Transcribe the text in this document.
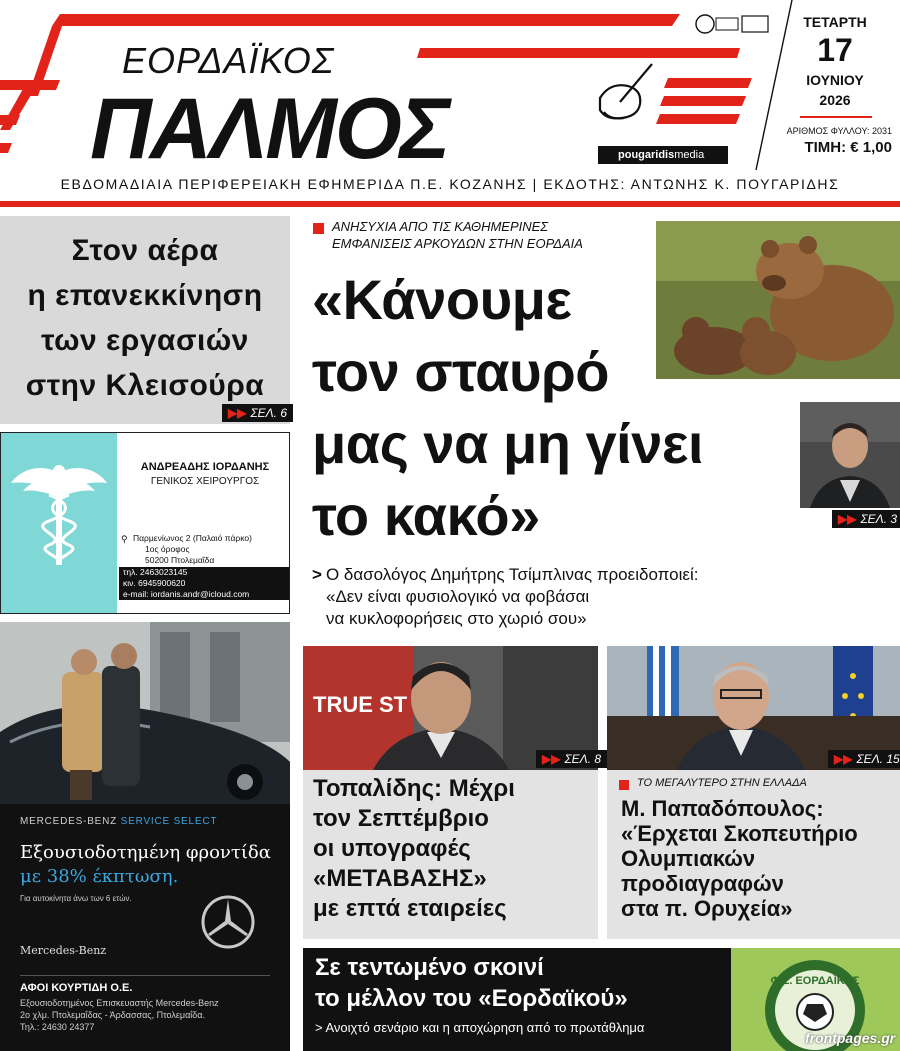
ΕΟΡΔΑΪΚΟΣ
ΠΑΛΜΟΣ	pougaridismedia
ΤΕΤΑΡΤΗ
17
ΙΟΥΝΙΟΥ
2026
ΑΡΙΘΜΟΣ ΦΥΛΛΟΥ: 2031
ΤΙΜΗ: € 1,00
ΕΒΔΟΜΑΔΙΑΙΑ ΠΕΡΙΦΕΡΕΙΑΚΗ ΕΦΗΜΕΡΙΔΑ Π.Ε. ΚΟΖΑΝΗΣ | ΕΚΔΟΤΗΣ: ΑΝΤΩΝΗΣ Κ. ΠΟΥΓΑΡΙΔΗΣ
Στον αέρα
η επανεκκίνηση
των εργασιών
στην Κλεισούρα
▶▶ ΣΕΛ. 6
ΑΝΔΡΕΑΔΗΣ ΙΟΡΔΑΝΗΣ
ΓΕΝΙΚΟΣ ΧΕΙΡΟΥΡΓΟΣ
⚲ Παρμενίωνος 2 (Παλαιό πάρκο)
1ος όροφος
50200 Πτολεμαΐδα
τηλ. 2463023145
κιν. 6945900620
e-mail: iordanis.andr@icloud.com
MERCEDES-BENZ SERVICE SELECT
Εξουσιοδοτημένη φροντίδα
με 38% έκπτωση.
Για αυτοκίνητα άνω των 6 ετών.
Mercedes-Benz
ΑΦΟΙ ΚΟΥΡΤΙΔΗ Ο.Ε.
Εξουσιοδοτημένος Επισκευαστής Mercedes-Benz
2ο χλμ. Πτολεμαΐδας - Άρδασσας, Πτολεμαΐδα.
Τηλ.: 24630 24377
ΑΝΗΣΥΧΙΑ ΑΠΟ ΤΙΣ ΚΑΘΗΜΕΡΙΝΕΣ
ΕΜΦΑΝΙΣΕΙΣ ΑΡΚΟΥΔΩΝ ΣΤΗΝ ΕΟΡΔΑΙΑ
«Κάνουμε
τον σταυρό
μας να μη γίνει
το κακό»	▶▶ ΣΕΛ. 3
> Ο δασολόγος Δημήτρης Τσίμπλινας προειδοποιεί:
«Δεν είναι φυσιολογικό να φοβάσαι
να κυκλοφορήσεις στο χωριό σου»
TRUE ST
▶▶ ΣΕΛ. 8
Τοπαλίδης: Μέχρι
τον Σεπτέμβριο
οι υπογραφές
«ΜΕΤΑΒΑΣΗΣ»
με επτά εταιρείες
▶▶ ΣΕΛ. 15
ΤΟ ΜΕΓΑΛΥΤΕΡΟ ΣΤΗΝ ΕΛΛΑΔΑ
Μ. Παπαδόπουλος:
«Έρχεται Σκοπευτήριο
Ολυμπιακών
προδιαγραφών
στα π. Ορυχεία»
Σε τεντωμένο σκοινί
το μέλλον του «Εορδαϊκού»
> Ανοιχτό σενάριο και η αποχώρηση από το πρωτάθλημα
Φ.Σ. ΕΟΡΔΑΪΚΟΣ
frontpages.gr
